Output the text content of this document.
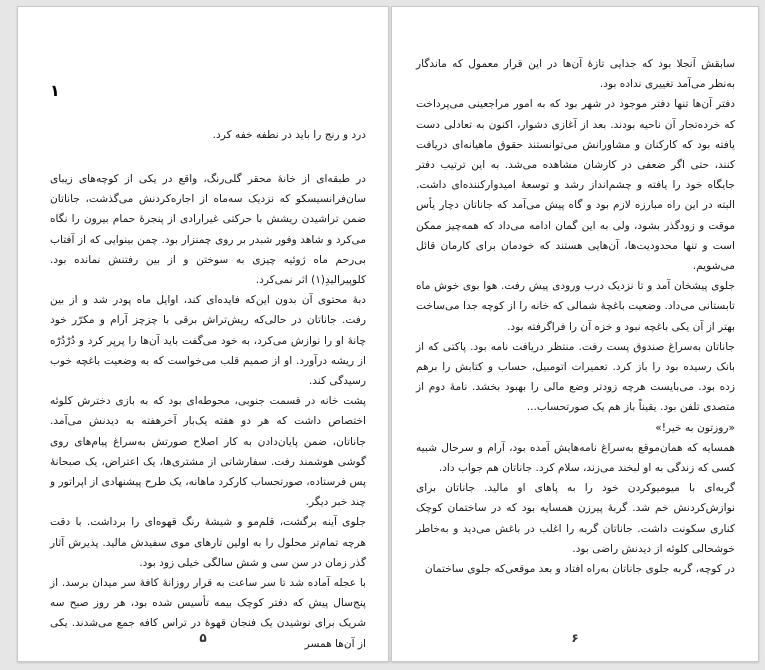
۱
درد و رنج را باید در نطفه خفه کرد.

در طبقه‌ای از خانهٔ محقر گلی‌رنگ، واقع در یکی از کوچه‌های زیبای سان‌فرانسیسکو که نزدیک سه‌ماه از اجاره‌کردنش می‌گذشت، جاناتان ضمن تراشیدن ریشش با حرکتی غیرارادی از پنجرهٔ حمام بیرون را نگاه می‌کرد و شاهد وفور شبدر بر روی چمنزار بود. چمن بینوایی که از آفتاب بی‌رحم ماه ژوئیه چیزی به سوختن و از بین رفتنش نمانده بود. کلوپیرالیدِ(۱) اثر نمی‌کرد.

دبهٔ محتوی آن بدون این‌که فایده‌ای کند، اوایل ماه پودر شد و از بین رفت. جاناتان در حالی‌که ریش‌تراش برقی با چزچز آرام و مکرّر خود چانهٔ او را نوازش می‌کرد، به خود می‌گفت باید آن‌ها را پرپر کرد و دُرْدُرْه از ریشه درآورد. او از صمیم قلب می‌خواست که به وضعیت باغچه خوب رسیدگی کند.

پشت خانه در قسمت جنوبی، محوطه‌ای بود که به بازی دخترش کلوئه اختصاص داشت که هر دو هفته یک‌بار آخرهفته به دیدنش می‌آمد. جاناتان، ضمن پایان‌دادن به کار اصلاح صورتش به‌سراغ پیام‌های روی گوشی هوشمند رفت. سفارشاتی از مشتری‌ها، یک اعتراض، یک صبحانهٔ پس فرستاده، صورتحساب کارکرد ماهانه، یک طرح پیشنهادی از اپراتور و چند خبر دیگر.

جلوی آینه برگشت، قلم‌مو و شیشهٔ رنگ قهوه‌ای را برداشت. با دقت هرچه تمام‌تر محلول را به اولین تارهای موی سفیدش مالید. پذیرش آثار گذر زمان در سن سی و شش سالگی خیلی زود بود.

با عجله آماده شد تا سر ساعت به قرار روزانهٔ کافهٔ سر میدان برسد. از پنج‌سال پیش که دفتر کوچک بیمه تأسیس شده بود، هر روز صبح سه شریک برای نوشیدن یک فنجان قهوهٔ در تراس کافه جمع می‌شدند. یکی از آن‌ها همسر

۵

سابقش آنجلا بود که جدایی تازهٔ آن‌ها در این قرار معمول که ماندگار به‌نظر می‌آمد تغییری نداده بود.

دفتر آن‌ها تنها دفتر موجود در شهر بود که به امور مراجعینی می‌پرداخت که خرده‌تجار آن ناحیه بودند. بعد از آغازی دشوار، اکنون به تعادلی دست یافته بود که کارکنان و مشاورانش می‌توانستند حقوق ماهیانه‌ای دریافت کنند، حتی اگر ضعفی در کارشان مشاهده می‌شد. به این ترتیب دفتر جایگاه خود را یافته و چشم‌انداز رشد و توسعهٔ امیدوارکننده‌ای داشت. البته در این راه مبارزه لازم بود و گاه پیش می‌آمد که جاناتان دچار یأس موقت و زودگذر بشود، ولی به این گمان ادامه می‌داد که همه‌چیز ممکن است و تنها محدودیت‌ها، آن‌هایی هستند که خودمان برای کارمان قائل می‌شویم.

جلوی پیشخان آمد و تا نزدیک درب ورودی پیش رفت. هوا بوی خوش ماه تابستانی می‌داد. وضعیت باغچهٔ شمالی که خانه را از کوچه جدا می‌ساخت بهتر از آن یکی باغچه نبود و خزه آن را فراگرفته بود.

جاناتان به‌سراغ صندوق پست رفت. منتظر دریافت نامه بود. پاکتی که از بانک رسیده بود را باز کرد. تعمیرات اتومبیل، حساب و کتابش را برهم زده بود. می‌بایست هرچه زودتر وضع مالی را بهبود بخشد. نامهٔ دوم از متصدی تلفن بود. یقیناً باز هم یک صورتحساب...

«روزتون به خیر!»

همسایه که همان‌موقع به‌سراغ نامه‌هایش آمده بود، آرام و سرحال شبیه کسی که زندگی به او لبخند می‌زند، سلام کرد. جاناتان هم جواب داد.

گربه‌ای با میومیوکردن خود را به پاهای او مالید. جاناتان برای نوازش‌کردنش خم شد. گربهٔ پیرزن همسایه بود که در ساختمان کوچک کناری سکونت داشت. جاناتان گربه را اغلب در باغش می‌دید و به‌خاطر خوشحالی کلوئه از دیدنش راضی بود.

در کوچه، گربه جلوی جاناتان به‌راه افتاد و بعد موقعی‌که جلوی ساختمان

۶
